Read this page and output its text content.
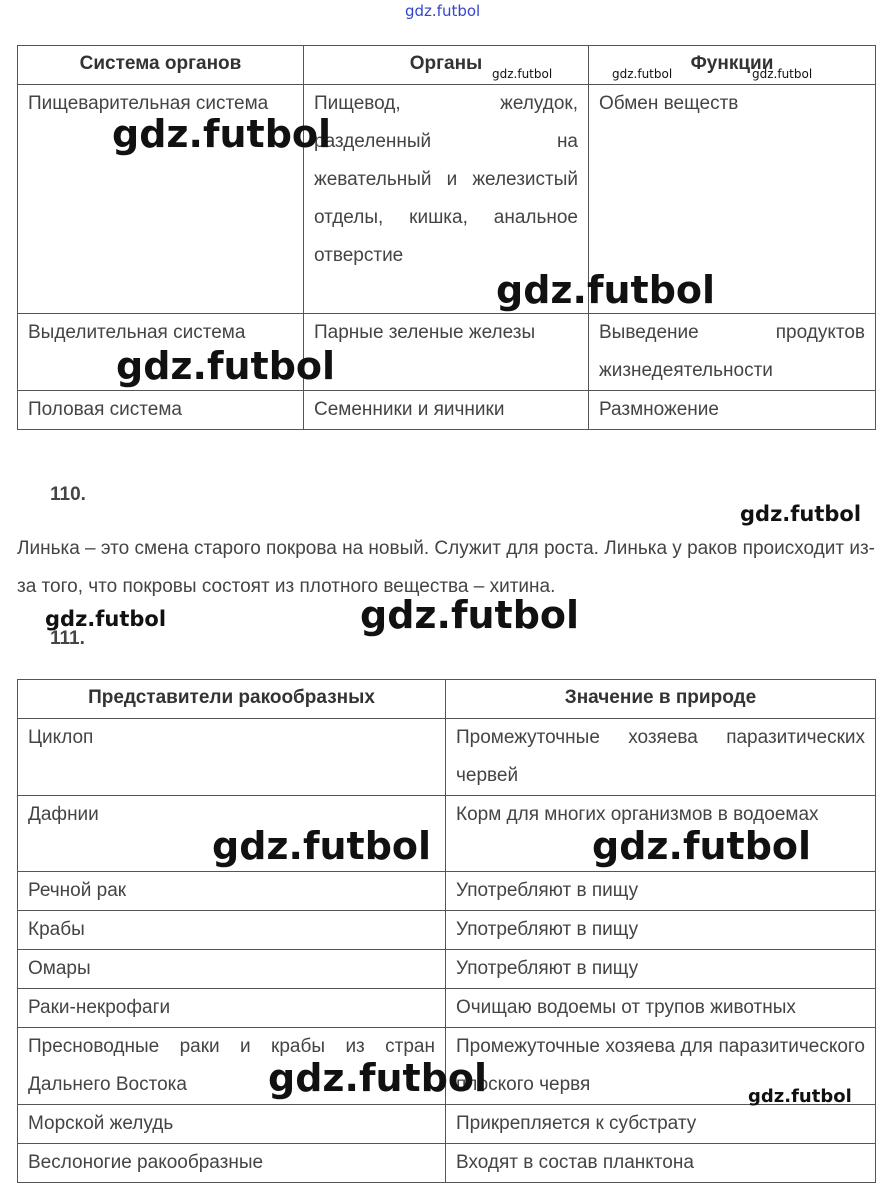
gdz.futbol
Система органов	Органы	Функции
Пищеварительная система	Пищевод, желудок, разделенный на жевательный и железистый отделы, кишка, анальное отверстие	Обмен веществ
Выделительная система	Парные зеленые железы	Выведение продуктов жизнедеятельности
Половая система	Семенники и яичники	Размножение
110.
Линька – это смена старого покрова на новый. Служит для роста. Линька у раков происходит из-за того, что покровы состоят из плотного вещества – хитина.
111.
Представители ракообразных	Значение в природе
Циклоп	Промежуточные хозяева паразитических червей
Дафнии	Корм для многих организмов в водоемах
Речной рак	Употребляют в пищу
Крабы	Употребляют в пищу
Омары	Употребляют в пищу
Раки-некрофаги	Очищаю водоемы от трупов животных
Пресноводные раки и крабы из стран Дальнего Востока	Промежуточные хозяева для паразитического плоского червя
Морской желудь	Прикрепляется к субстрату
Веслоногие ракообразные	Входят в состав планктона
gdz.futbol	gdz.futbol	gdz.futbol
gdz.futbol
gdz.futbol
gdz.futbol
gdz.futbol
gdz.futbol
gdz.futbol
gdz.futbol	gdz.futbol
gdz.futbol	gdz.futbol
